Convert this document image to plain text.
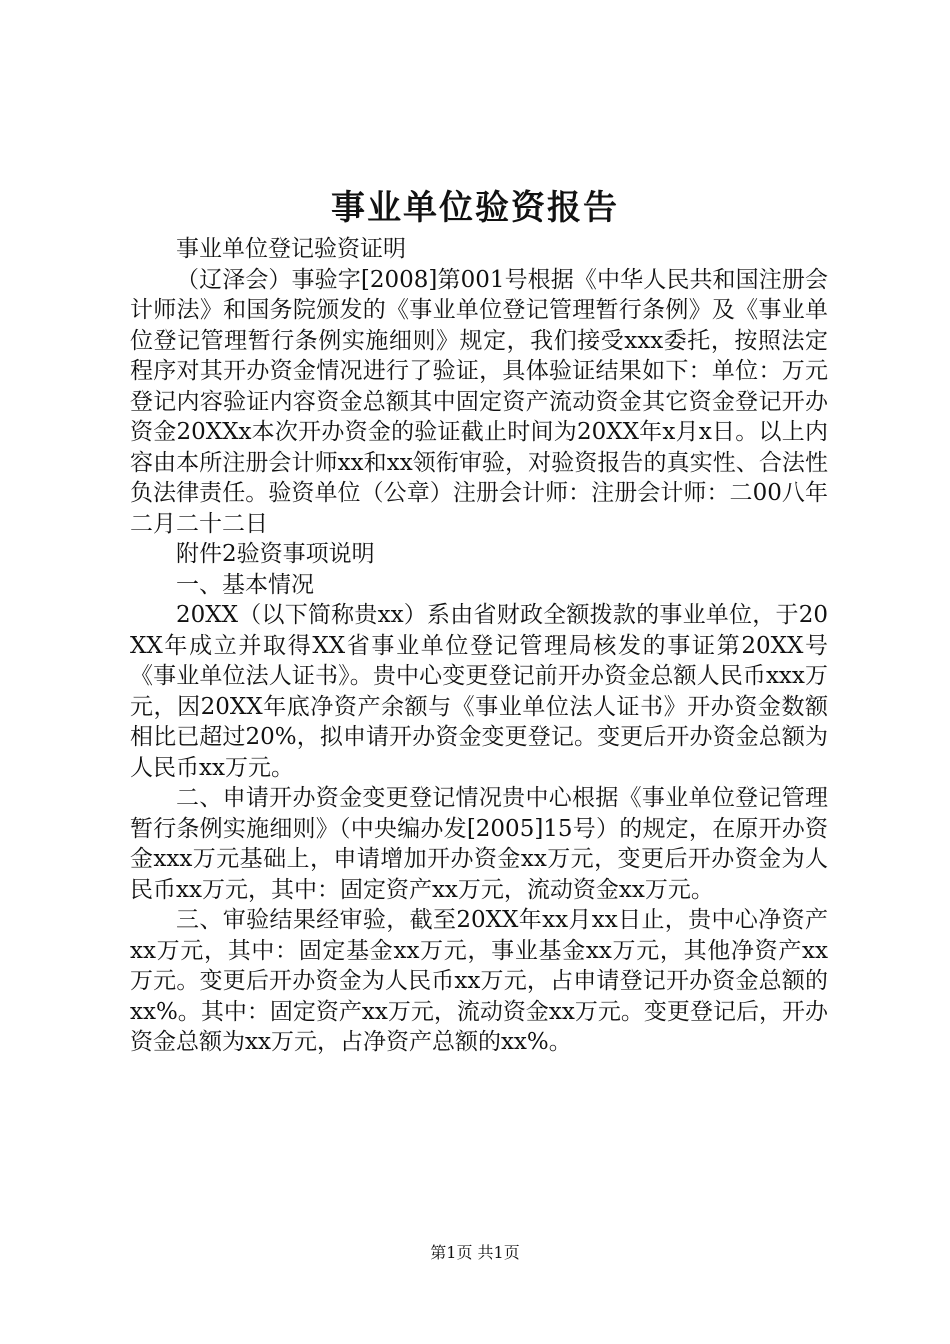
事业单位验资报告

事业单位登记验资证明

（辽泽会）事验字[2008]第001号根据《中华人民共和国注册会计师法》和国务院颁发的《事业单位登记管理暂行条例》及《事业单位登记管理暂行条例实施细则》规定，我们接受xxx委托，按照法定程序对其开办资金情况进行了验证，具体验证结果如下：单位：万元登记内容验证内容资金总额其中固定资产流动资金其它资金登记开办资金20XXx本次开办资金的验证截止时间为20XX年x月x日。以上内容由本所注册会计师xx和xx领衔审验，对验资报告的真实性、合法性负法律责任。验资单位（公章）注册会计师：注册会计师：二00八年二月二十二日

附件2验资事项说明

一、基本情况

20XX（以下简称贵xx）系由省财政全额拨款的事业单位，于20XX年成立并取得XX省事业单位登记管理局核发的事证第20XX号《事业单位法人证书》。贵中心变更登记前开办资金总额人民币xxx万元，因20XX年底净资产余额与《事业单位法人证书》开办资金数额相比已超过20%，拟申请开办资金变更登记。变更后开办资金总额为人民币xx万元。

二、申请开办资金变更登记情况贵中心根据《事业单位登记管理暂行条例实施细则》（中央编办发[2005]15号）的规定，在原开办资金xxx万元基础上，申请增加开办资金xx万元，变更后开办资金为人民币xx万元，其中：固定资产xx万元，流动资金xx万元。

三、审验结果经审验，截至20XX年xx月xx日止，贵中心净资产xx万元，其中：固定基金xx万元，事业基金xx万元，其他净资产xx万元。变更后开办资金为人民币xx万元，占申请登记开办资金总额的xx%。其中：固定资产xx万元，流动资金xx万元。变更登记后，开办资金总额为xx万元，占净资产总额的xx%。

第1页 共1页
